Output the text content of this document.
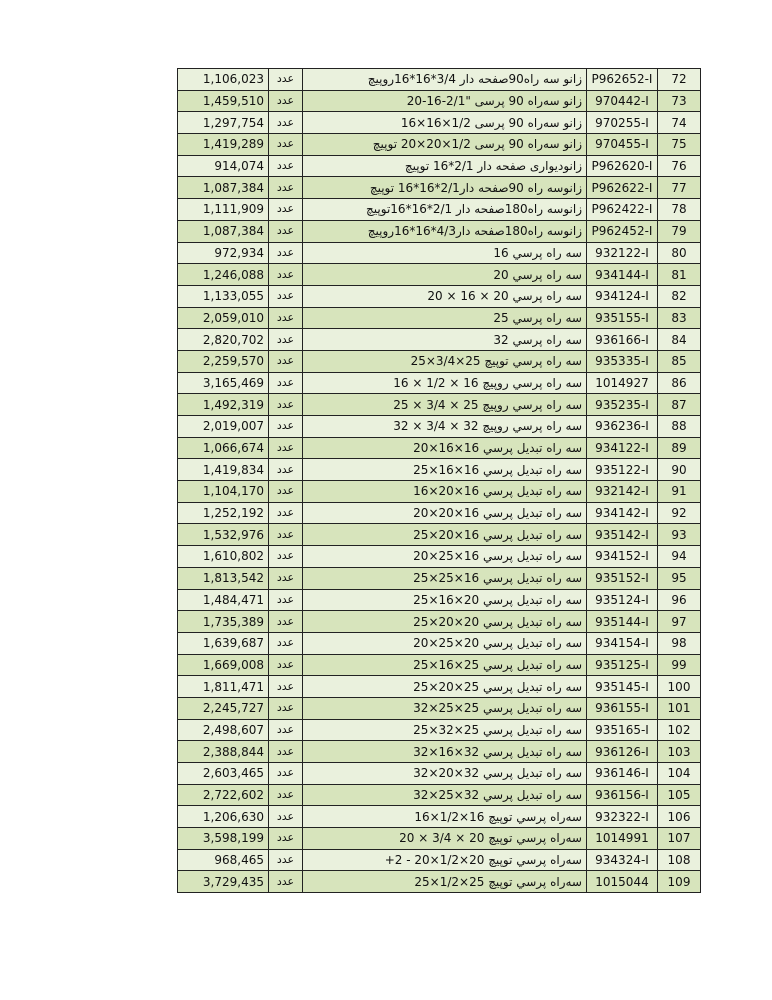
1,106,023	عدد	زانو سه راه90صفحه دار 3/4*16*16روپیچ	P962652-I	72
1,459,510	عدد	زانو سه‌راه 90 پرسی "2/1-16-20	970442-I	73
1,297,754	عدد	زانو سه‌راه 90 پرسی 1/2×16×16	970255-I	74
1,419,289	عدد	زانو سه‌راه 90 پرسی 1/2×20×20 توپیچ	970455-I	75
914,074	عدد	زانودیواری صفحه دار 2/1*16 توپیچ	P962620-I	76
1,087,384	عدد	زانوسه راه 90صفحه دار2/1*16*16 توپیچ	P962622-I	77
1,111,909	عدد	زانوسه راه180صفحه دار 2/1*16*16توپیچ	P962422-I	78
1,087,384	عدد	زانوسه راه180صفحه دار4/3*16*16روپیچ	P962452-I	79
972,934	عدد	سه راه پرسي 16	932122-I	80
1,246,088	عدد	سه راه پرسي 20	934144-I	81
1,133,055	عدد	سه راه پرسي 20 × 16 × 20	934124-I	82
2,059,010	عدد	سه راه پرسي 25	935155-I	83
2,820,702	عدد	سه راه پرسي 32	936166-I	84
2,259,570	عدد	سه راه پرسي توپيچ 25×3/4×25	935335-I	85
3,165,469	عدد	سه راه پرسي روپيچ 16 × 1/2 × 16	1014927	86
1,492,319	عدد	سه راه پرسي روپيچ 25 × 3/4 × 25	935235-I	87
2,019,007	عدد	سه راه پرسي روپيچ 32 × 3/4 × 32	936236-I	88
1,066,674	عدد	سه راه تبديل پرسي 16×16×20	934122-I	89
1,419,834	عدد	سه راه تبديل پرسي 16×16×25	935122-I	90
1,104,170	عدد	سه راه تبديل پرسي 16×20×16	932142-I	91
1,252,192	عدد	سه راه تبديل پرسي 16×20×20	934142-I	92
1,532,976	عدد	سه راه تبديل پرسي 16×20×25	935142-I	93
1,610,802	عدد	سه راه تبديل پرسي 16×25×20	934152-I	94
1,813,542	عدد	سه راه تبديل پرسي 16×25×25	935152-I	95
1,484,471	عدد	سه راه تبديل پرسي 20×16×25	935124-I	96
1,735,389	عدد	سه راه تبديل پرسي 20×20×25	935144-I	97
1,639,687	عدد	سه راه تبديل پرسي 20×25×20	934154-I	98
1,669,008	عدد	سه راه تبديل پرسي 25×16×25	935125-I	99
1,811,471	عدد	سه راه تبديل پرسي 25×20×25	935145-I	100
2,245,727	عدد	سه راه تبديل پرسي 25×25×32	936155-I	101
2,498,607	عدد	سه راه تبديل پرسي 25×32×25	935165-I	102
2,388,844	عدد	سه راه تبديل پرسي 32×16×32	936126-I	103
2,603,465	عدد	سه راه تبديل پرسي 32×20×32	936146-I	104
2,722,602	عدد	سه راه تبديل پرسي 32×25×32	936156-I	105
1,206,630	عدد	سه‌راه پرسي توپيچ 16×1/2×16	932322-I	106
3,598,199	عدد	سه‌راه پرسي توپيچ 20 × 3/4 × 20	1014991	107
968,465	عدد	سه‌راه پرسي توپيچ 20×1/2×20 - 2+	934324-I	108
3,729,435	عدد	سه‌راه پرسي توپيچ 25×1/2×25	1015044	109
